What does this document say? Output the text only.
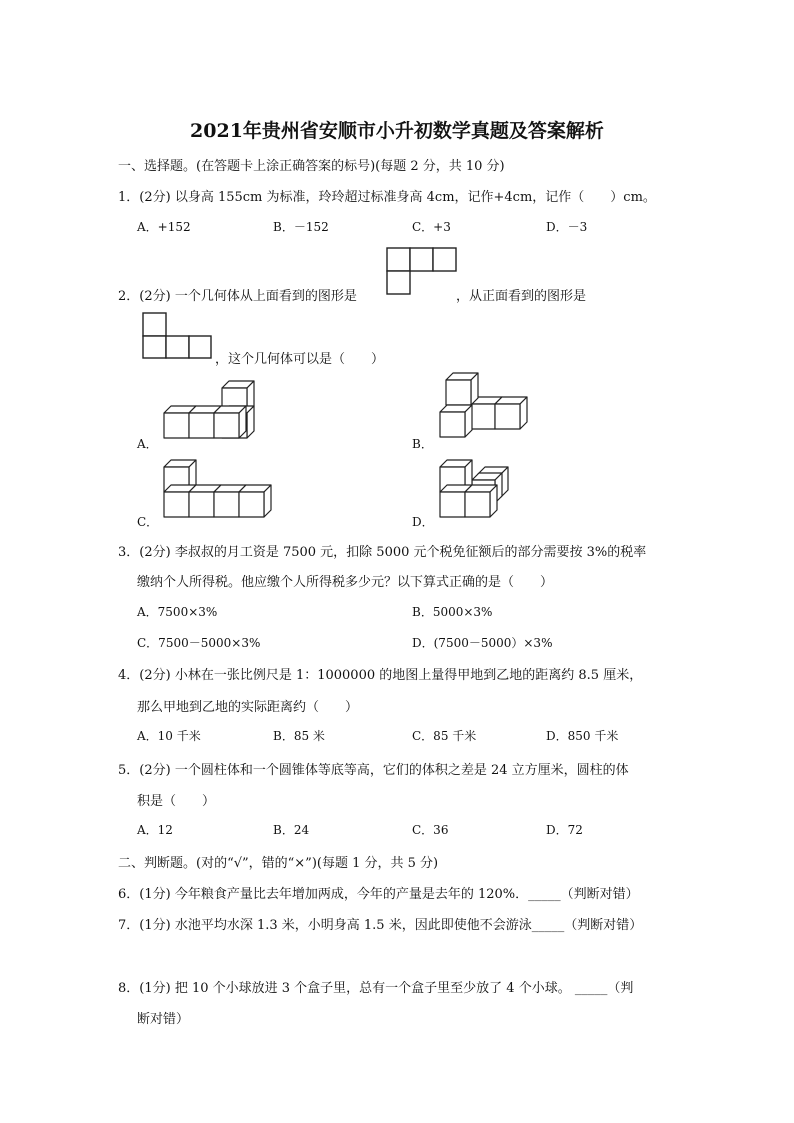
2021年贵州省安顺市小升初数学真题及答案解析
一、选择题。(在答题卡上涂正确答案的标号)(每题 2 分，共 10 分)
1．(2分) 以身高 155cm 为标准，玲玲超过标准身高 4cm，记作+4cm，记作（　　）cm。
A．+152	B．－152	C．+3	D．－3
2．(2分) 一个几何体从上面看到的图形是	，从正面看到的图形是
，这个几何体可以是（　　）
A．	B．
C．	D．
3．(2分) 李叔叔的月工资是 7500 元，扣除 5000 元个税免征额后的部分需要按 3%的税率
缴纳个人所得税。他应缴个人所得税多少元？以下算式正确的是（　　）
A．7500×3%	B．5000×3%
C．7500－5000×3%	D．(7500－5000）×3%
4．(2分) 小林在一张比例尺是 1：1000000 的地图上量得甲地到乙地的距离约 8.5 厘米，
那么甲地到乙地的实际距离约（　　）
A．10 千米	B．85 米	C．85 千米	D．850 千米
5．(2分) 一个圆柱体和一个圆锥体等底等高，它们的体积之差是 24 立方厘米，圆柱的体
积是（　　）
A．12	B．24	C．36	D．72
二、判断题。(对的“√”，错的“×”)(每题 1 分，共 5 分)
6．(1分) 今年粮食产量比去年增加两成，今年的产量是去年的 120%．_____（判断对错）
7．(1分) 水池平均水深 1.3 米，小明身高 1.5 米，因此即使他不会游泳_____（判断对错）
8．(1分) 把 10 个小球放进 3 个盒子里，总有一个盒子里至少放了 4 个小球。 _____（判
断对错）
